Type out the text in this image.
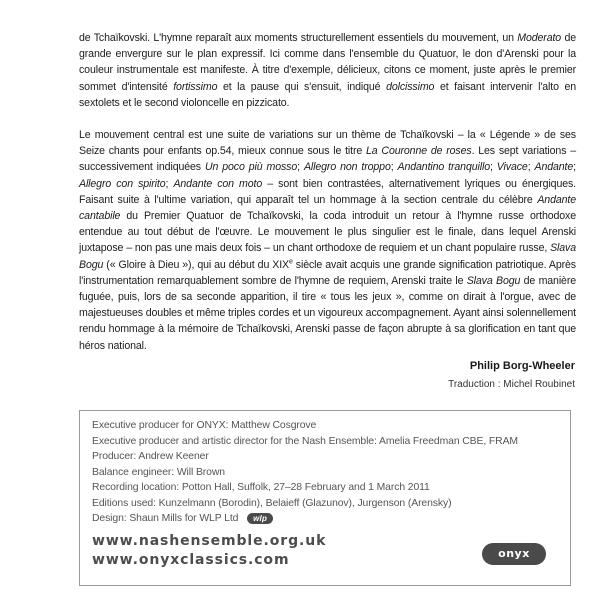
de Tchaïkovski. L'hymne reparaît aux moments structurellement essentiels du mouvement, un Moderato de grande envergure sur le plan expressif. Ici comme dans l'ensemble du Quatuor, le don d'Arenski pour la couleur instrumentale est manifeste. À titre d'exemple, délicieux, citons ce moment, juste après le premier sommet d'intensité fortissimo et la pause qui s'ensuit, indiqué dolcissimo et faisant intervenir l'alto en sextolets et le second violoncelle en pizzicato.

Le mouvement central est une suite de variations sur un thème de Tchaïkovski – la « Légende » de ses Seize chants pour enfants op.54, mieux connue sous le titre La Couronne de roses. Les sept variations – successivement indiquées Un poco più mosso; Allegro non troppo; Andantino tranquillo; Vivace; Andante; Allegro con spirito; Andante con moto – sont bien contrastées, alternativement lyriques ou énergiques. Faisant suite à l'ultime variation, qui apparaît tel un hommage à la section centrale du célèbre Andante cantabile du Premier Quatuor de Tchaïkovski, la coda introduit un retour à l'hymne russe orthodoxe entendue au tout début de l'œuvre. Le mouvement le plus singulier est le finale, dans lequel Arenski juxtapose – non pas une mais deux fois – un chant orthodoxe de requiem et un chant populaire russe, Slava Bogu (« Gloire à Dieu »), qui au début du XIXe siècle avait acquis une grande signification patriotique. Après l'instrumentation remarquablement sombre de l'hymne de requiem, Arenski traite le Slava Bogu de manière fuguée, puis, lors de sa seconde apparition, il tire « tous les jeux », comme on dirait à l'orgue, avec de majestueuses doubles et même triples cordes et un vigoureux accompagnement. Ayant ainsi solennellement rendu hommage à la mémoire de Tchaïkovski, Arenski passe de façon abrupte à sa glorification en tant que héros national.

Philip Borg-Wheeler
Traduction : Michel Roubinet
Executive producer for ONYX: Matthew Cosgrove
Executive producer and artistic director for the Nash Ensemble: Amelia Freedman CBE, FRAM
Producer: Andrew Keener
Balance engineer: Will Brown
Recording location: Potton Hall, Suffolk, 27–28 February and 1 March 2011
Editions used: Kunzelmann (Borodin), Belaieff (Glazunov), Jurgenson (Arensky)
Design: Shaun Mills for WLP Ltd wlp
www.nashensemble.org.uk
www.onyxclassics.com	onyx
